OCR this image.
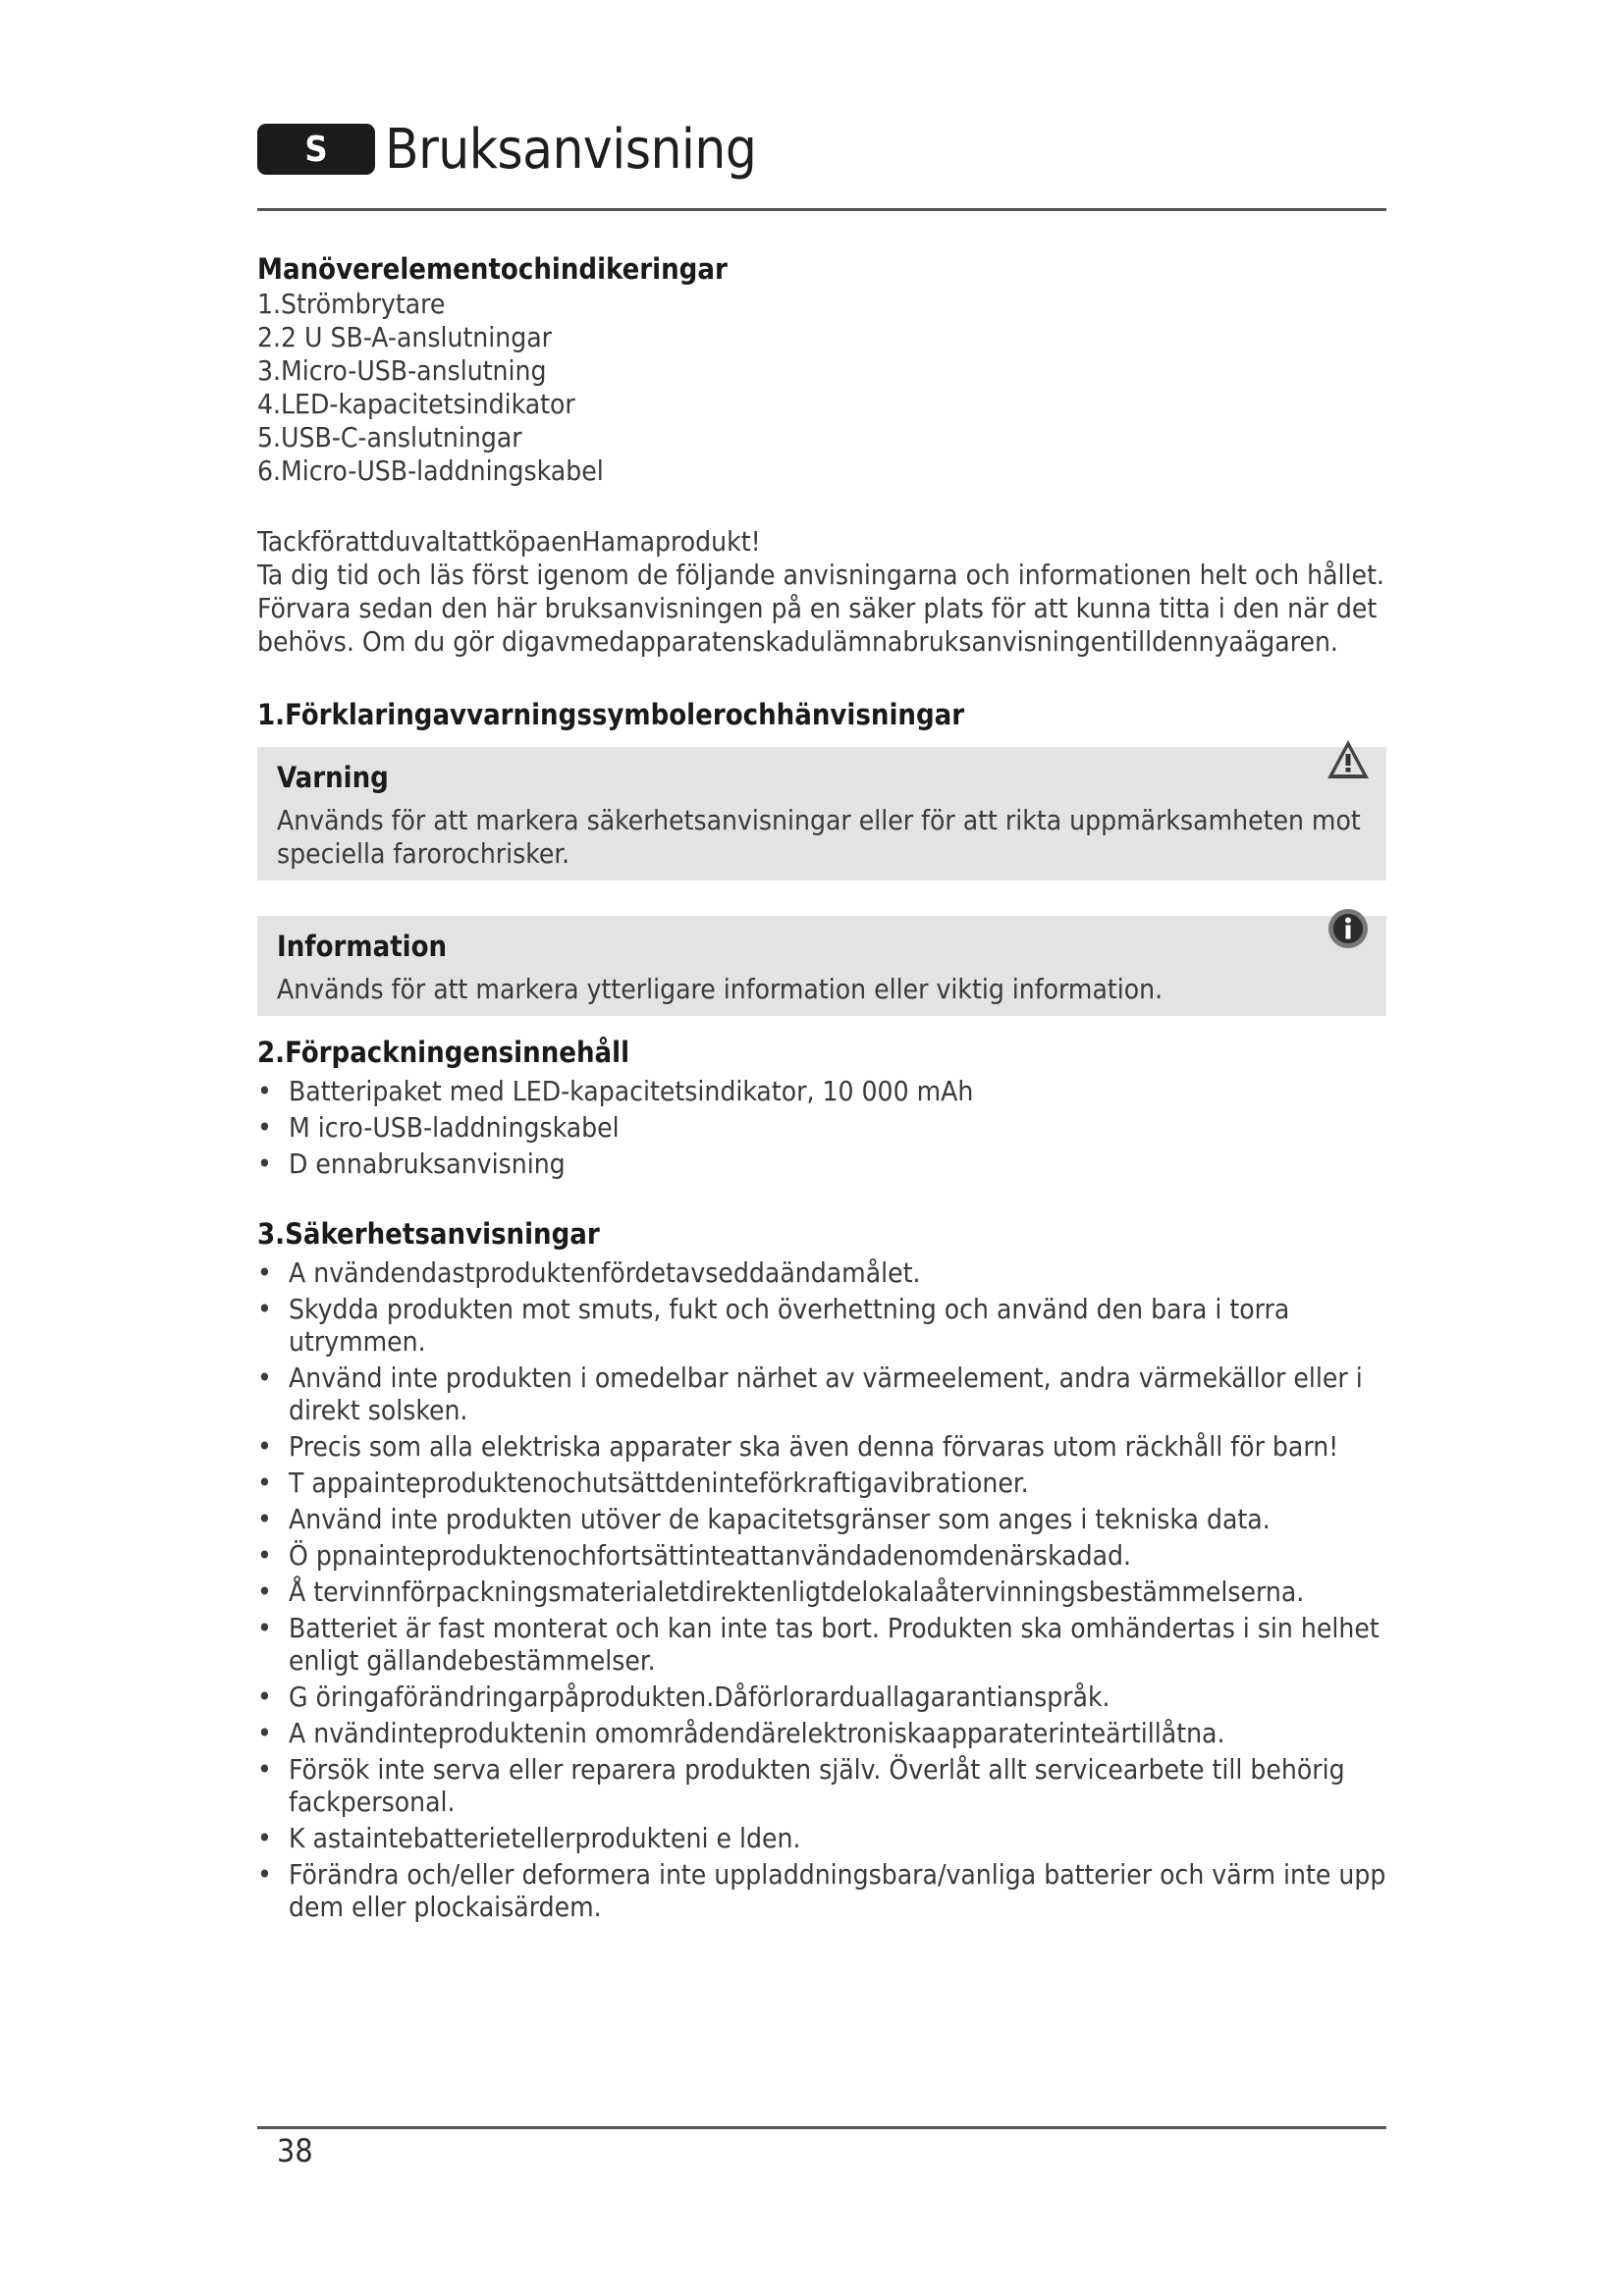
S	Bruksanvisning
Manöverelementochindikeringar
1.Strömbrytare
2.2 U SB-A-anslutningar
3.Micro-USB-anslutning
4.LED-kapacitetsindikator
5.USB-C-anslutningar
6.Micro-USB-laddningskabel

TackförattduvaltattköpaenHamaprodukt!

Ta dig tid och läs först igenom de följande anvisningarna och informationen helt och hållet. Förvara sedan den här bruksanvisningen på en säker plats för att kunna titta i den när det behövs. Om du gör digavmedapparatenskadulämnabruksanvisningentilldennyaägaren.

1.Förklaringavvarningssymbolerochhänvisningar
Varning
Används för att markera säkerhetsanvisningar eller för att rikta uppmärksamheten mot speciella farorochrisker.
Information
Används för att markera ytterligare information eller viktig information.
2.Förpackningensinnehåll
• Batteripaket med LED-kapacitetsindikator, 10 000 mAh
• M icro-USB-laddningskabel
• D ennabruksanvisning
3.Säkerhetsanvisningar
• A nvändendastproduktenfördetavseddaändamålet.
• Skydda produkten mot smuts, fukt och överhettning och använd den bara i torra utrymmen.
• Använd inte produkten i omedelbar närhet av värmeelement, andra värmekällor eller i direkt solsken.
• Precis som alla elektriska apparater ska även denna förvaras utom räckhåll för barn!
• T appainteproduktenochutsättdeninteförkraftigavibrationer.
• Använd inte produkten utöver de kapacitetsgränser som anges i tekniska data.
• Ö ppnainteproduktenochfortsättinteattanvändadenomdenärskadad.
• Å tervinnförpackningsmaterialetdirektenligtdelokalaåtervinningsbestämmelserna.
• Batteriet är fast monterat och kan inte tas bort. Produkten ska omhändertas i sin helhet enligt gällandebestämmelser.
• G öringaförändringarpåprodukten.Dåförlorarduallagarantianspråk.
• A nvändinteproduktenin omområdendärelektroniskaapparaterinteärtillåtna.
• Försök inte serva eller reparera produkten själv. Överlåt allt servicearbete till behörig fackpersonal.
• K astaintebatterietellerprodukteni e lden.
• Förändra och/eller deformera inte uppladdningsbara/vanliga batterier och värm inte upp dem eller plockaisärdem.
38
